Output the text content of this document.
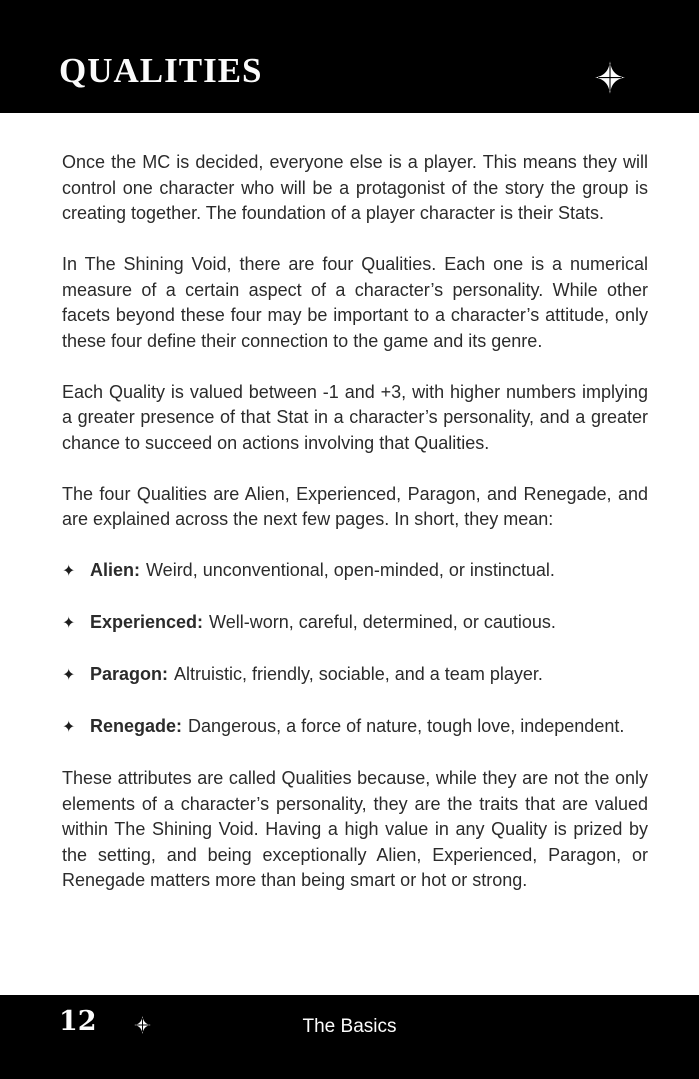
QUALITIES

Once the MC is decided, everyone else is a player. This means they will control one character who will be a protagonist of the story the group is creating together. The foundation of a player character is their Stats.

In The Shining Void, there are four Qualities. Each one is a numerical measure of a certain aspect of a character’s personality. While other facets beyond these four may be important to a character’s attitude, only these four define their connection to the game and its genre.

Each Quality is valued between -1 and +3, with higher numbers implying a greater presence of that Stat in a character’s personality, and a greater chance to succeed on actions involving that Qualities.

The four Qualities are Alien, Experienced, Paragon, and Renegade, and are explained across the next few pages. In short, they mean:

✦ Alien: Weird, unconventional, open-minded, or instinctual.
✦ Experienced: Well-worn, careful, determined, or cautious.
✦ Paragon: Altruistic, friendly, sociable, and a team player.
✦ Renegade: Dangerous, a force of nature, tough love, independent.

These attributes are called Qualities because, while they are not the only elements of a character’s personality, they are the traits that are valued within The Shining Void. Having a high value in any Quality is prized by the setting, and being exceptionally Alien, Experienced, Paragon, or Renegade matters more than being smart or hot or strong.

12	The Basics
